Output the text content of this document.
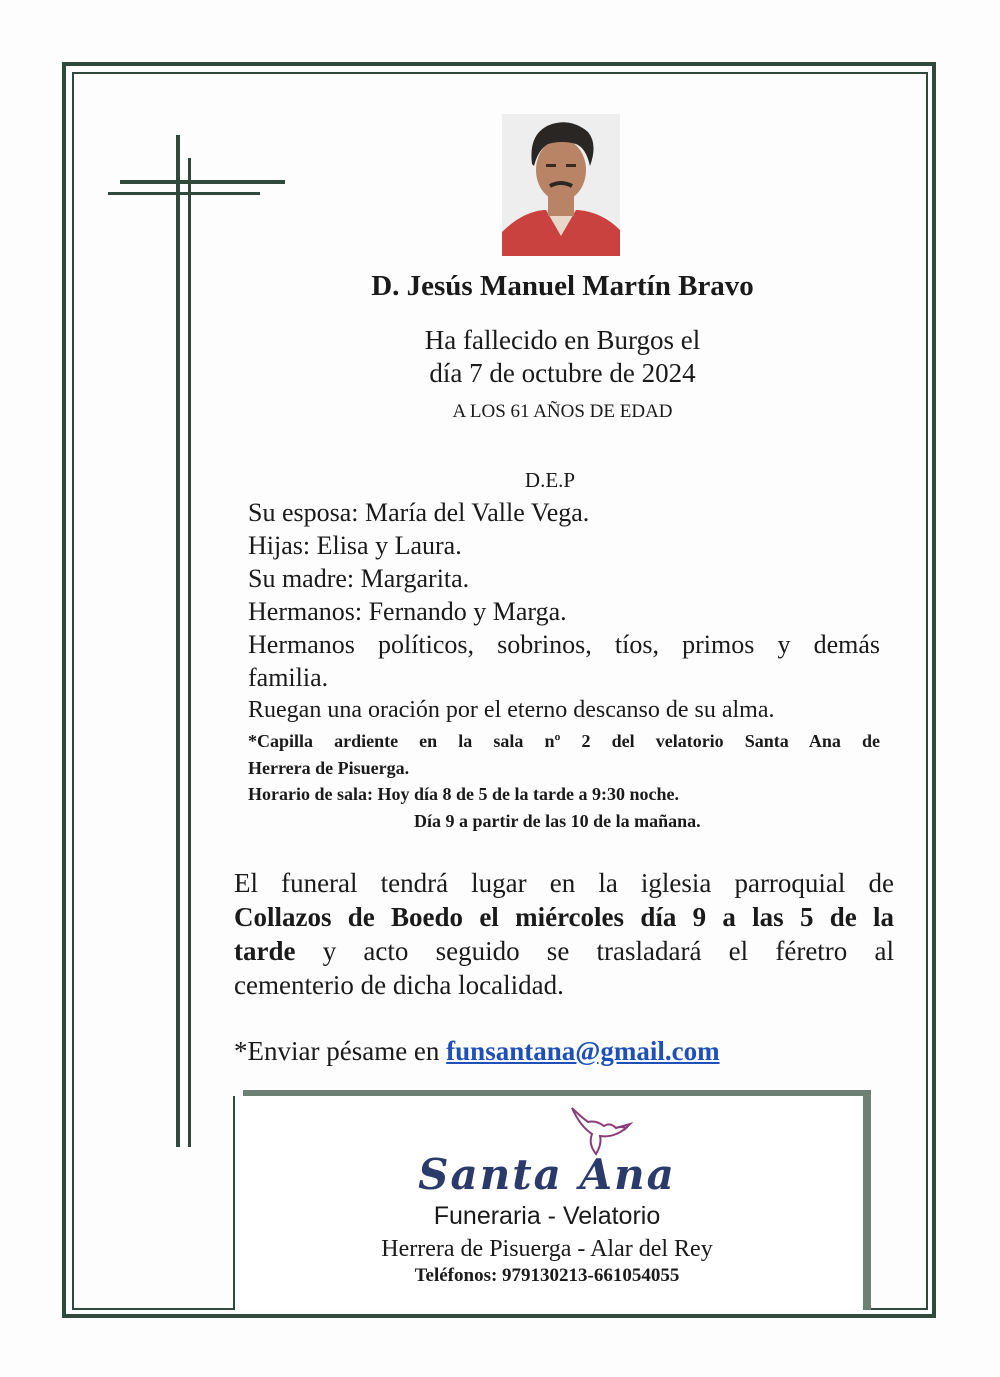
D. Jesús Manuel Martín Bravo
Ha fallecido en Burgos el
día 7 de octubre de 2024
A LOS 61 AÑOS DE EDAD
D.E.P
Su esposa: María del Valle Vega.
Hijas: Elisa y Laura.
Su madre: Margarita.
Hermanos: Fernando y Marga.
Hermanos políticos, sobrinos, tíos, primos y demás
familia.
Ruegan una oración por el eterno descanso de su alma.
*Capilla ardiente en la sala nº 2 del velatorio Santa Ana de
Herrera de Pisuerga.
Horario de sala: Hoy día 8 de 5 de la tarde a 9:30 noche.
Día 9 a partir de las 10 de la mañana.
El funeral tendrá lugar en la iglesia parroquial de
Collazos de Boedo el miércoles día 9 a las 5 de la
tarde y acto seguido se trasladará el féretro al
cementerio de dicha localidad.
*Enviar pésame en funsantana@gmail.com
Santa Ana
Funeraria - Velatorio
Herrera de Pisuerga - Alar del Rey
Teléfonos: 979130213-661054055
